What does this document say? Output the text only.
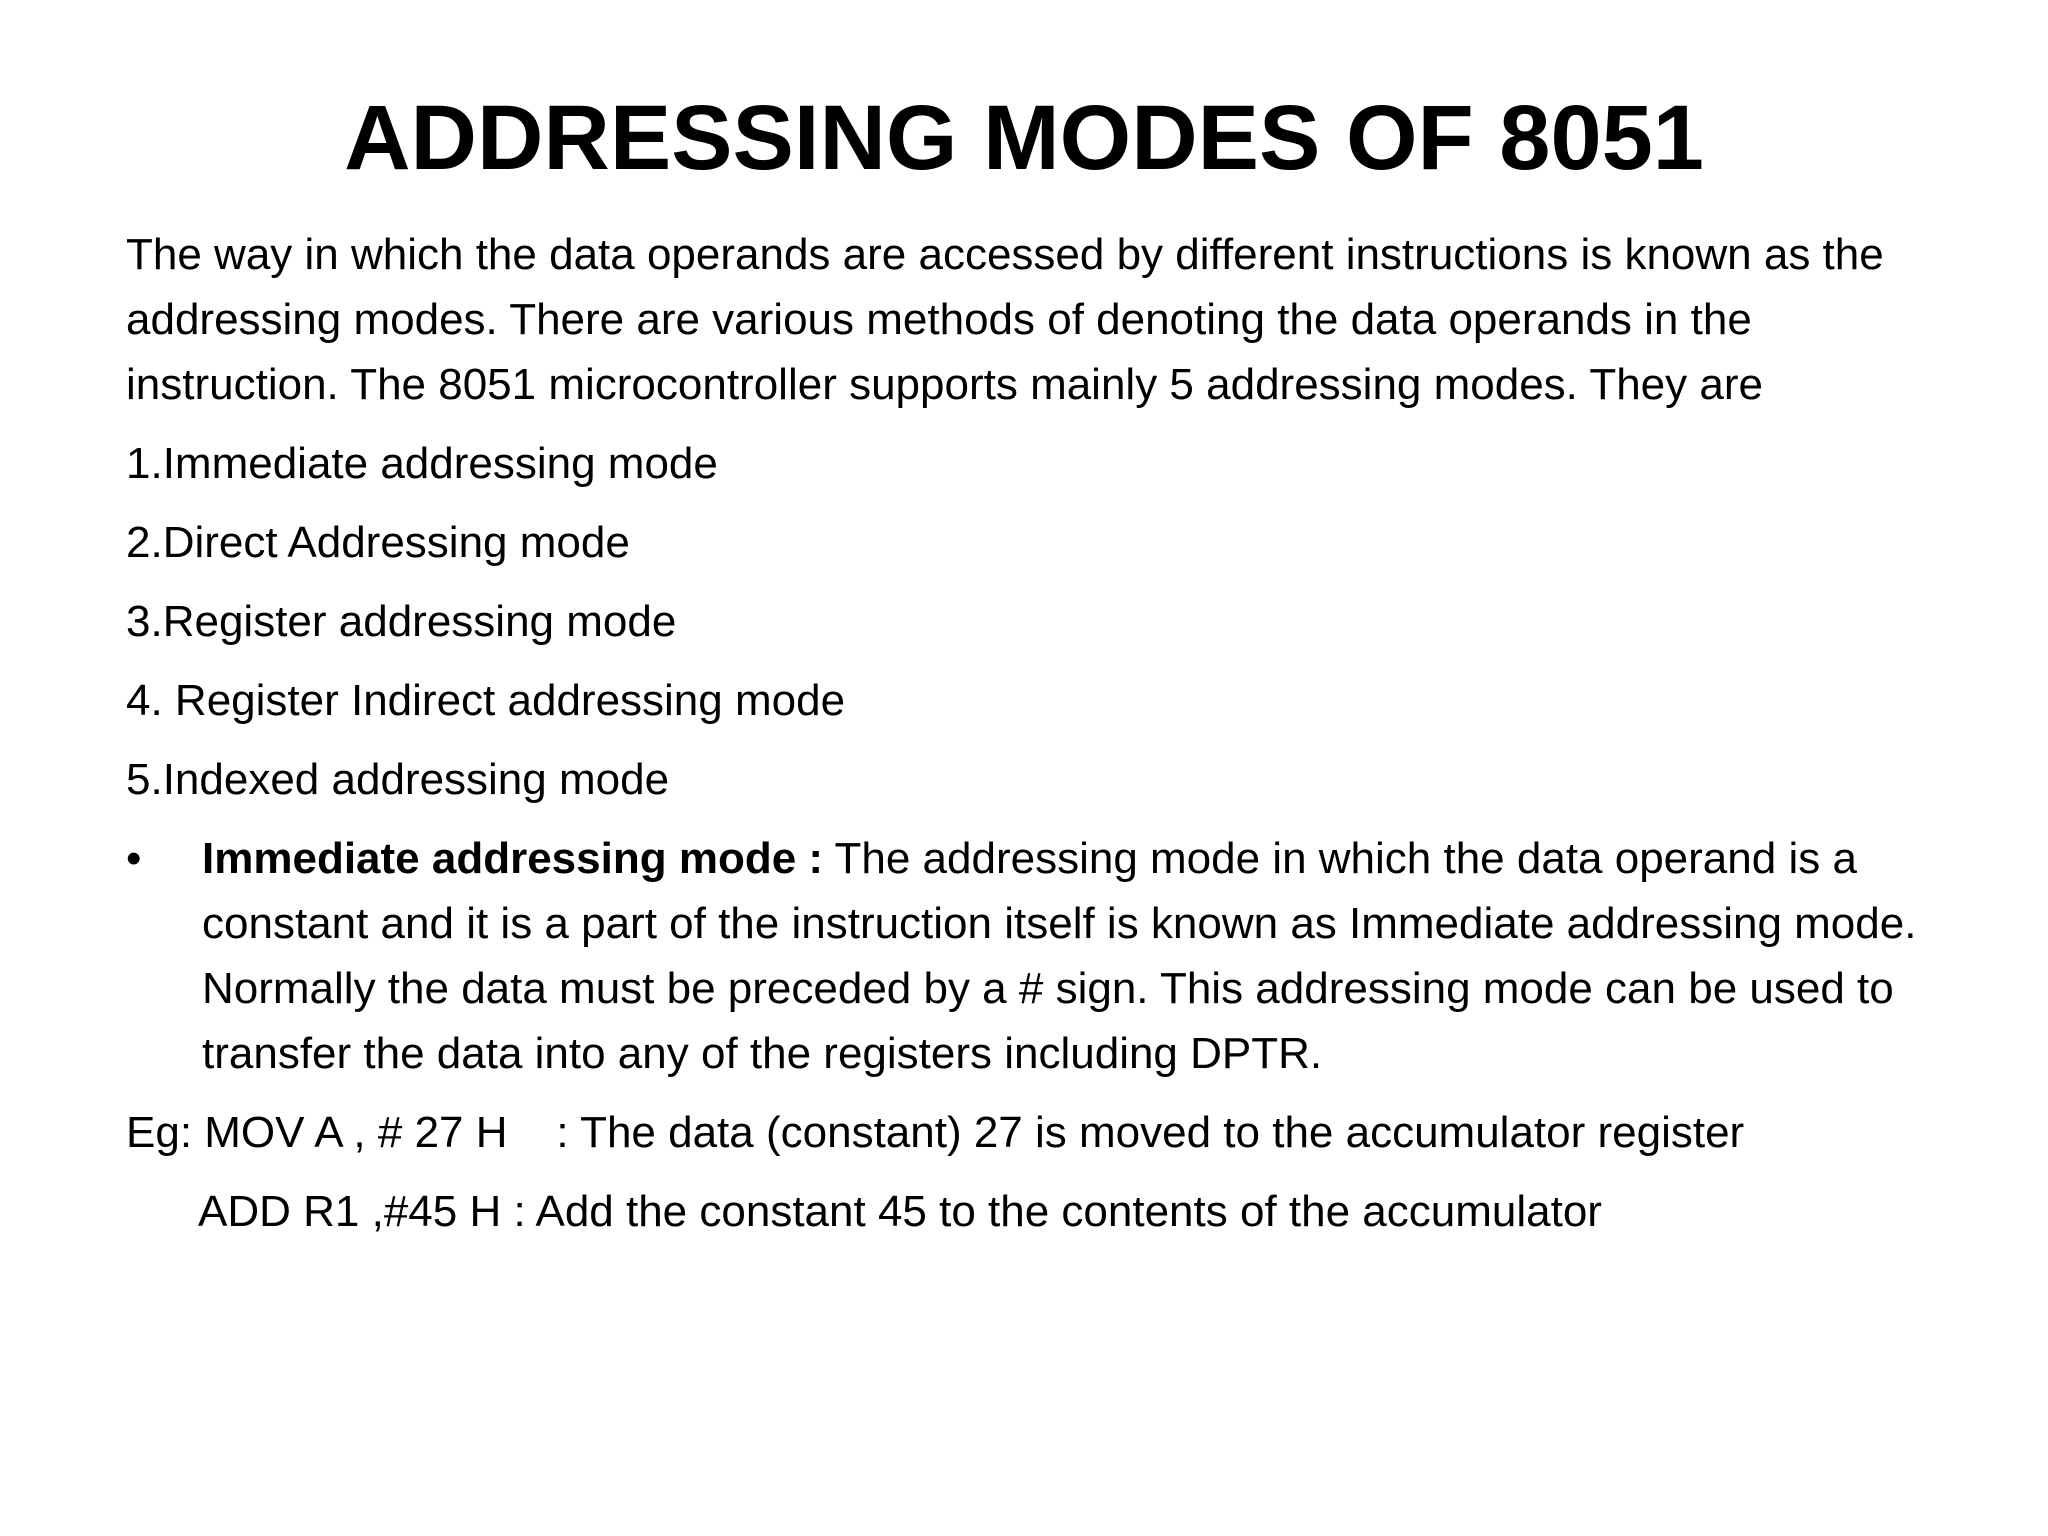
ADDRESSING MODES OF 8051

The way in which the data operands are accessed by different instructions is known as the addressing modes. There are various methods of denoting the data operands in the instruction. The 8051 microcontroller supports mainly 5 addressing modes. They are

1.Immediate addressing mode
2.Direct Addressing mode
3.Register addressing mode
4. Register Indirect addressing mode
5.Indexed addressing mode

•	Immediate addressing mode : The addressing mode in which the data operand is a constant and it is a part of the instruction itself is known as Immediate addressing mode. Normally the data must be preceded by a # sign. This addressing mode can be used to transfer the data into any of the registers including DPTR.

Eg: MOV A , # 27 H    : The data (constant) 27 is moved to the accumulator register

ADD R1 ,#45 H : Add the constant 45 to the contents of the accumulator
